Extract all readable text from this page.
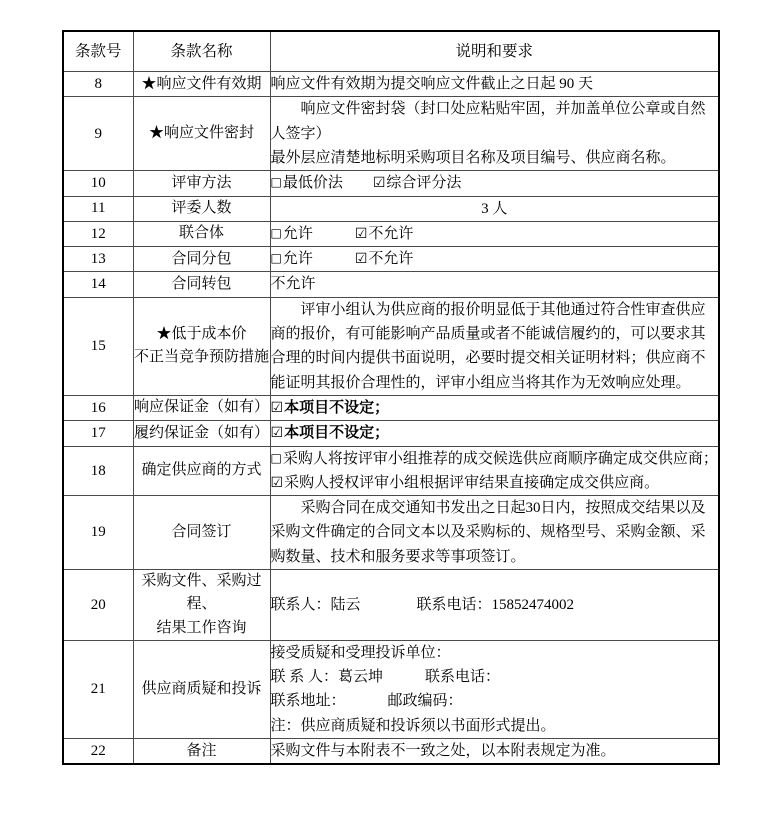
条款号	条款名称	说明和要求
8	★响应文件有效期	响应文件有效期为提交响应文件截止之日起 90 天

9	★响应文件密封	响应文件密封袋（封口处应粘贴牢固，并加盖单位公章或自然人签字）
最外层应清楚地标明采购项目名称及项目编号、供应商名称。

10	评审方法	□最低价法 ☑综合评分法

11	评委人数	3 人

12	联合体	□允许 ☑不允许

13	合同分包	□允许 ☑不允许

14	合同转包	不允许

15	★低于成本价
不正当竞争预防措施	评审小组认为供应商的报价明显低于其他通过符合性审查供应商的报价，有可能影响产品质量或者不能诚信履约的，可以要求其合理的时间内提供书面说明，必要时提交相关证明材料；供应商不能证明其报价合理性的，评审小组应当将其作为无效响应处理。

16	响应保证金（如有）	☑本项目不设定；

17	履约保证金（如有）	☑本项目不设定；

18	确定供应商的方式	□采购人将按评审小组推荐的成交候选供应商顺序确定成交供应商；
☑采购人授权评审小组根据评审结果直接确定成交供应商。

19	合同签订	采购合同在成交通知书发出之日起30日内，按照成交结果以及采购文件确定的合同文本以及采购标的、规格型号、采购金额、采购数量、技术和服务要求等事项签订。

20	采购文件、采购过程、
结果工作咨询	联系人：陆云 联系电话：15852474002

21	供应商质疑和投诉	接受质疑和受理投诉单位：
联 系 人：葛云坤 联系电话：
联系地址： 邮政编码：
注：供应商质疑和投诉须以书面形式提出。

22	备注	采购文件与本附表不一致之处，以本附表规定为准。
